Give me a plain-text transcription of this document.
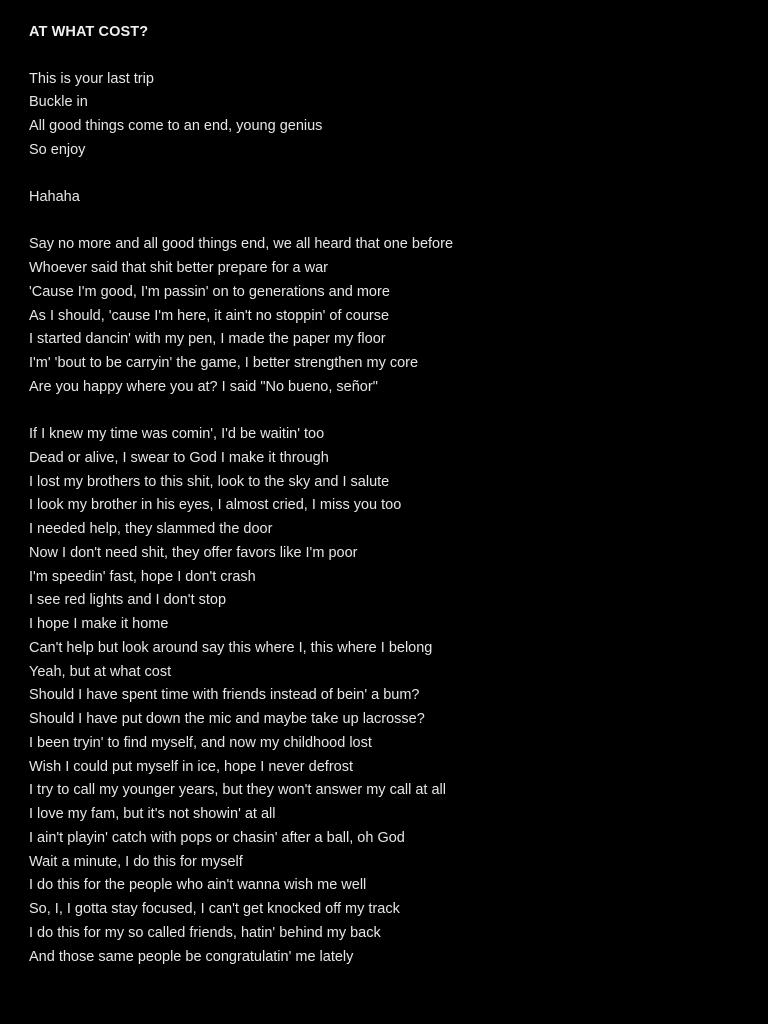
AT WHAT COST?
This is your last trip
Buckle in
All good things come to an end, young genius
So enjoy
Hahaha
Say no more and all good things end, we all heard that one before
Whoever said that shit better prepare for a war
'Cause I'm good, I'm passin' on to generations and more
As I should, 'cause I'm here, it ain't no stoppin' of course
I started dancin' with my pen, I made the paper my floor
I'm' 'bout to be carryin' the game, I better strengthen my core
Are you happy where you at? I said "No bueno, señor"
If I knew my time was comin', I'd be waitin' too
Dead or alive, I swear to God I make it through
I lost my brothers to this shit, look to the sky and I salute
I look my brother in his eyes, I almost cried, I miss you too
I needed help, they slammed the door
Now I don't need shit, they offer favors like I'm poor
I'm speedin' fast, hope I don't crash
I see red lights and I don't stop
I hope I make it home
Can't help but look around say this where I, this where I belong
Yeah, but at what cost
Should I have spent time with friends instead of bein' a bum?
Should I have put down the mic and maybe take up lacrosse?
I been tryin' to find myself, and now my childhood lost
Wish I could put myself in ice, hope I never defrost
I try to call my younger years, but they won't answer my call at all
I love my fam, but it's not showin' at all
I ain't playin' catch with pops or chasin' after a ball, oh God
Wait a minute, I do this for myself
I do this for the people who ain't wanna wish me well
So, I, I gotta stay focused, I can't get knocked off my track
I do this for my so called friends, hatin' behind my back
And those same people be congratulatin' me lately
